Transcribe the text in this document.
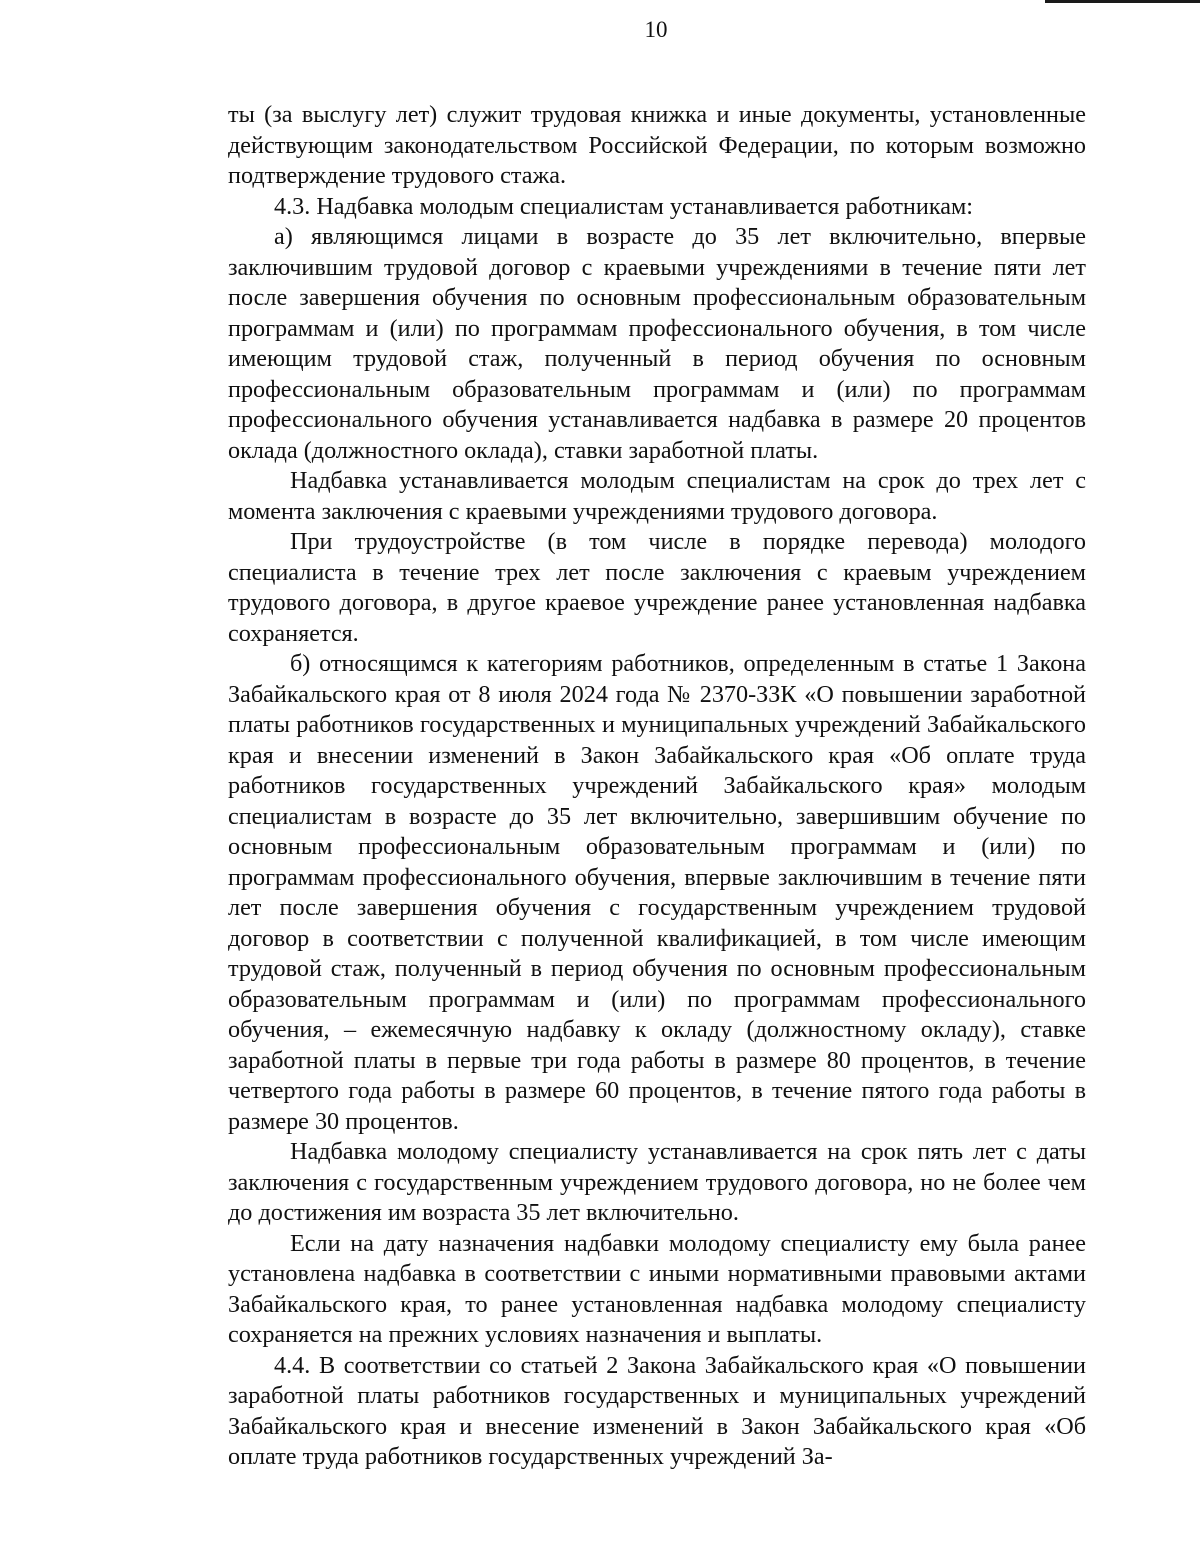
10

ты (за выслугу лет) служит трудовая книжка и иные документы, установленные действующим законодательством Российской Федерации, по которым возможно подтверждение трудового стажа.

4.3. Надбавка молодым специалистам устанавливается работникам:

а) являющимся лицами в возрасте до 35 лет включительно, впервые заключившим трудовой договор с краевыми учреждениями в течение пяти лет после завершения обучения по основным профессиональным образовательным программам и (или) по программам профессионального обучения, в том числе имеющим трудовой стаж, полученный в период обучения по основным профессиональным образовательным программам и (или) по программам профессионального обучения устанавливается надбавка в размере 20 процентов оклада (должностного оклада), ставки заработной платы.

Надбавка устанавливается молодым специалистам на срок до трех лет с момента заключения с краевыми учреждениями трудового договора.

При трудоустройстве (в том числе в порядке перевода) молодого специалиста в течение трех лет после заключения с краевым учреждением трудового договора, в другое краевое учреждение ранее установленная надбавка сохраняется.

б) относящимся к категориям работников, определенным в статье 1 Закона Забайкальского края от 8 июля 2024 года № 2370-ЗЗК «О повышении заработной платы работников государственных и муниципальных учреждений Забайкальского края и внесении изменений в Закон Забайкальского края «Об оплате труда работников государственных учреждений Забайкальского края» молодым специалистам в возрасте до 35 лет включительно, завершившим обучение по основным профессиональным образовательным программам и (или) по программам профессионального обучения, впервые заключившим в течение пяти лет после завершения обучения с государственным учреждением трудовой договор в соответствии с полученной квалификацией, в том числе имеющим трудовой стаж, полученный в период обучения по основным профессиональным образовательным программам и (или) по программам профессионального обучения, – ежемесячную надбавку к окладу (должностному окладу), ставке заработной платы в первые три года работы в размере 80 процентов, в течение четвертого года работы в размере 60 процентов, в течение пятого года работы в размере 30 процентов.

Надбавка молодому специалисту устанавливается на срок пять лет с даты заключения с государственным учреждением трудового договора, но не более чем до достижения им возраста 35 лет включительно.

Если на дату назначения надбавки молодому специалисту ему была ранее установлена надбавка в соответствии с иными нормативными правовыми актами Забайкальского края, то ранее установленная надбавка молодому специалисту сохраняется на прежних условиях назначения и выплаты.

4.4. В соответствии со статьей 2 Закона Забайкальского края «О повышении заработной платы работников государственных и муниципальных учреждений Забайкальского края и внесение изменений в Закон Забайкальского края «Об оплате труда работников государственных учреждений За-
